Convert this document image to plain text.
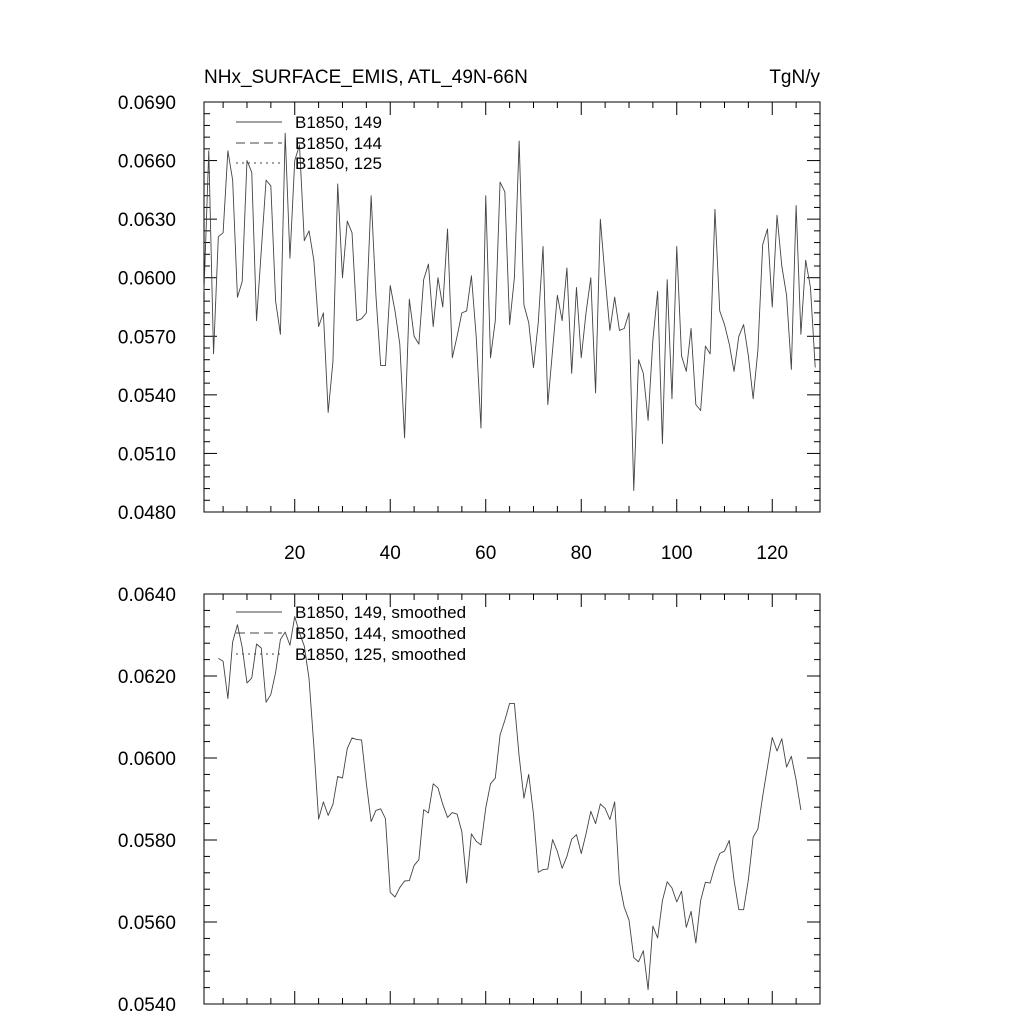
NHx_SURFACE_EMIS, ATL_49N-66N	TgN/y
0.0480
0.0510
0.0540
0.0570
0.0600
0.0630
0.0660
0.0690
20	40	60	80	100	120
B1850, 149
B1850, 144
B1850, 125
0.0540
0.0560
0.0580
0.0600
0.0620
0.0640
B1850, 149, smoothed
B1850, 144, smoothed
B1850, 125, smoothed
